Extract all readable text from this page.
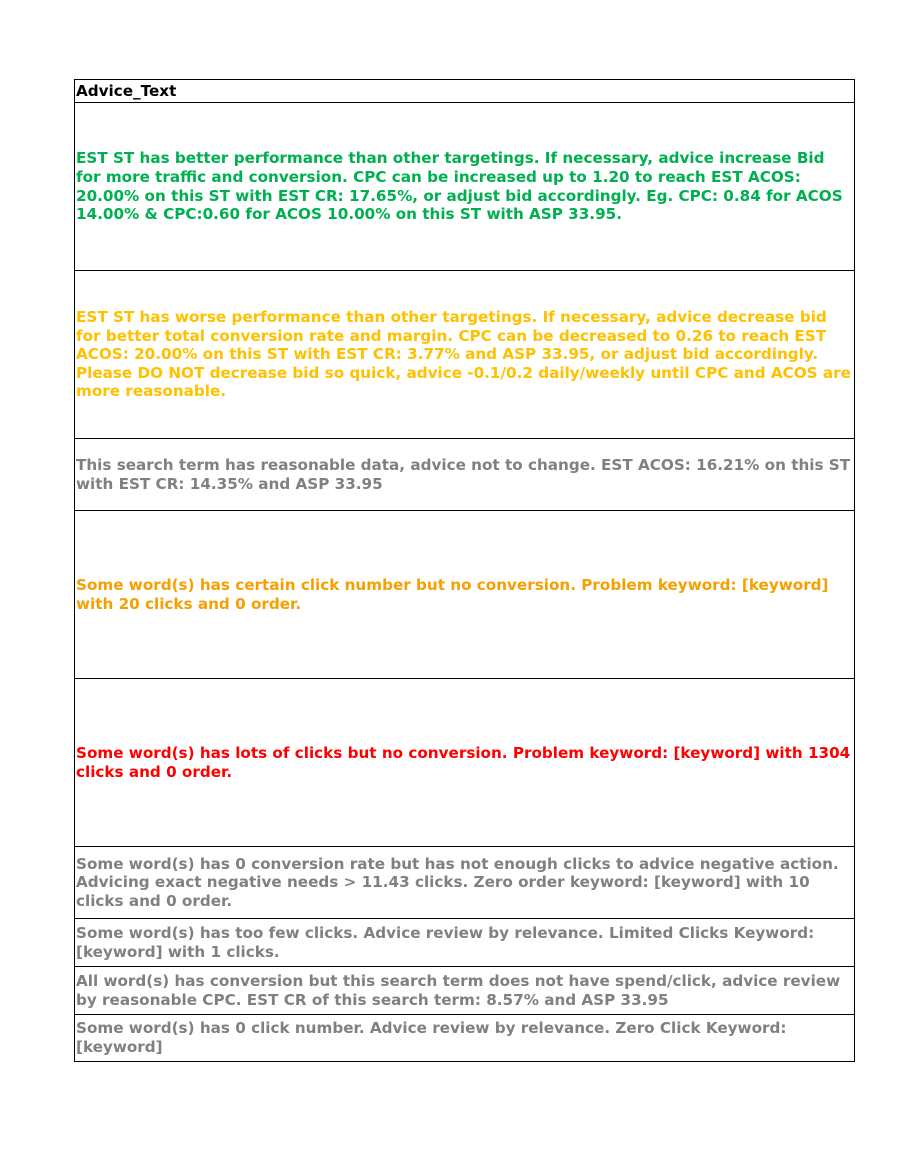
Advice_Text
EST ST has better performance than other targetings. If necessary, advice increase Bid for more traffic and conversion. CPC can be increased up to 1.20 to reach EST ACOS: 20.00% on this ST with EST CR: 17.65%, or adjust bid accordingly. Eg. CPC: 0.84 for ACOS 14.00% & CPC:0.60 for ACOS 10.00% on this ST with ASP 33.95.
EST ST has worse performance than other targetings. If necessary, advice decrease bid for better total conversion rate and margin. CPC can be decreased to 0.26 to reach EST ACOS: 20.00% on this ST with EST CR: 3.77% and ASP 33.95, or adjust bid accordingly. Please DO NOT decrease bid so quick, advice -0.1/0.2 daily/weekly until CPC and ACOS are more reasonable.
This search term has reasonable data, advice not to change. EST ACOS: 16.21% on this ST with EST CR: 14.35% and ASP 33.95
Some word(s) has certain click number but no conversion. Problem keyword: [keyword] with 20 clicks and 0 order.
Some word(s) has lots of clicks but no conversion. Problem keyword: [keyword] with 1304 clicks and 0 order.
Some word(s) has 0 conversion rate but has not enough clicks to advice negative action. Advicing exact negative needs > 11.43 clicks. Zero order keyword: [keyword] with 10 clicks and 0 order.
Some word(s) has too few clicks. Advice review by relevance. Limited Clicks Keyword: [keyword] with 1 clicks.
All word(s) has conversion but this search term does not have spend/click, advice review by reasonable CPC. EST CR of this search term: 8.57% and ASP 33.95
Some word(s) has 0 click number. Advice review by relevance. Zero Click Keyword: [keyword]
